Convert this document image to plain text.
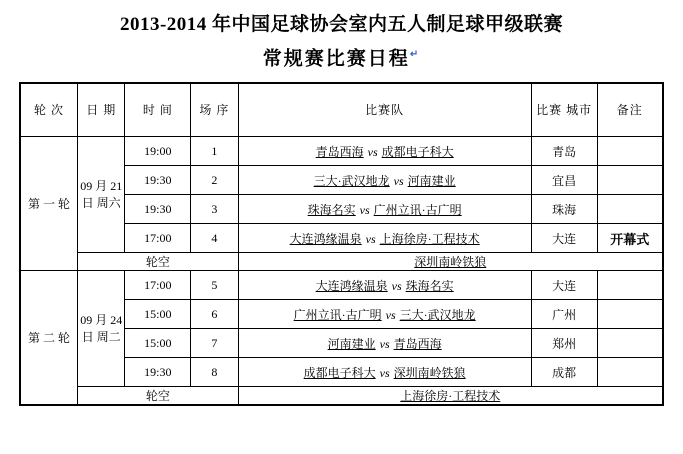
2013-2014 年中国足球协会室内五人制足球甲级联赛
常规赛比赛日程↵
轮 次	日 期	时 间	场 序	比赛队	比赛 城市	备注
第 一 轮	09 月 21 日 周六	19:00	1	青岛西海 vs 成都电子科大	青岛	
		19:30	2	三大·武汉地龙 vs 河南建业	宜昌	
		19:30	3	珠海名实 vs 广州立讯·古广明	珠海	
		17:00	4	大连鸿缘温泉 vs 上海徐房·工程技术	大连	开幕式
	轮空			深圳南岭铁狼		
第 二 轮	09 月 24 日 周二	17:00	5	大连鸿缘温泉 vs 珠海名实	大连	
		15:00	6	广州立讯·古广明 vs 三大·武汉地龙	广州	
		15:00	7	河南建业 vs 青岛西海	郑州	
		19:30	8	成都电子科大 vs 深圳南岭铁狼	成都	
	轮空			上海徐房·工程技术		
